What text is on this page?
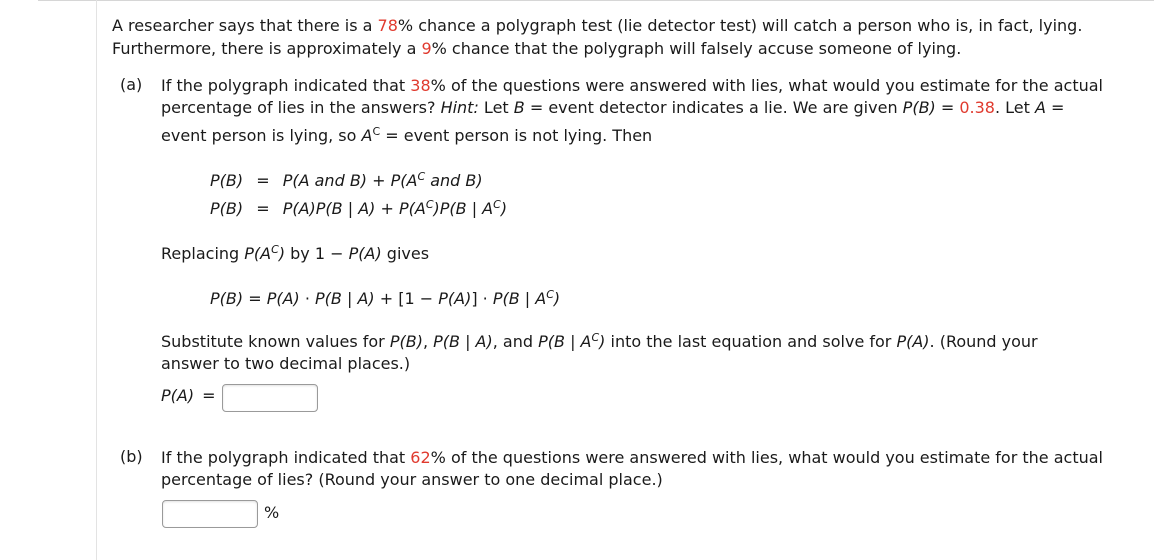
A researcher says that there is a 78% chance a polygraph test (lie detector test) will catch a person who is, in fact, lying.
Furthermore, there is approximately a 9% chance that the polygraph will falsely accuse someone of lying.
(a) If the polygraph indicated that 38% of the questions were answered with lies, what would you estimate for the actual
percentage of lies in the answers? Hint: Let B = event detector indicates a lie. We are given P(B) = 0.38. Let A =
event person is lying, so $A^C$ = event person is not lying. Then
P(B) = P(A and $B) + P(A^C$ and B)
P(B) = P(A)P(B | $A) + P(A^C)P(B$ | $A^C$)
Replacing $P(A^C)$ by 1 − P(A) gives
P(B) = P(A) · P(B | A) + [1 − P(A)] · P(B | $A^C$)
Substitute known values for P(B), P(B | A), and P(B | $A^C$) into the last equation and solve for P(A). (Round your
answer to two decimal places.)
P(A) =
(b) If the polygraph indicated that 62% of the questions were answered with lies, what would you estimate for the actual
percentage of lies? (Round your answer to one decimal place.)
%
